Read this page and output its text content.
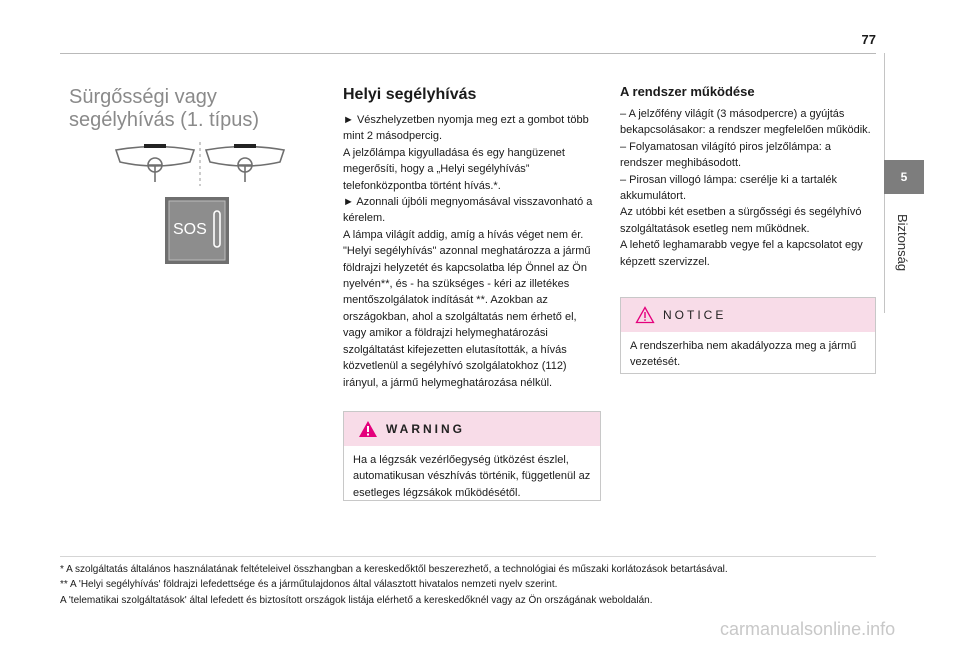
77
5
Biztonság
Sürgősségi vagy segélyhívás (1. típus)
SOS
Helyi segélyhívás

► Vészhelyzetben nyomja meg ezt a gombot több mint 2 másodpercig.

A jelzőlámpa kigyulladása és egy hangüzenet megerősíti, hogy a „Helyi segélyhívás” telefonközpontba történt hívás.*.

► Azonnali újbóli megnyomásával visszavonható a kérelem.

A lámpa világít addig, amíg a hívás véget nem ér.

"Helyi segélyhívás" azonnal meghatározza a jármű földrajzi helyzetét és kapcsolatba lép Önnel az Ön nyelvén**, és - ha szükséges - kéri az illetékes mentőszolgálatok indítását **. Azokban az országokban, ahol a szolgáltatás nem érhető el, vagy amikor a földrajzi helymeghatározási szolgáltatást kifejezetten elutasították, a hívás közvetlenül a segélyhívó szolgálatokhoz (112) irányul, a jármű helymeghatározása nélkül.

WARNING
Ha a légzsák vezérlőegység ütközést észlel, automatikusan vészhívás történik, függetlenül az esetleges légzsákok működésétől.
A rendszer működése

– A jelzőfény világít (3 másodpercre) a gyújtás bekapcsolásakor: a rendszer megfelelően működik.

– Folyamatosan világító piros jelzőlámpa: a rendszer meghibásodott.

– Pirosan villogó lámpa: cserélje ki a tartalék akkumulátort.

Az utóbbi két esetben a sürgősségi és segélyhívó szolgáltatások esetleg nem működnek.

A lehető leghamarabb vegye fel a kapcsolatot egy képzett szervizzel.

NOTICE
A rendszerhiba nem akadályozza meg a jármű vezetését.

* A szolgáltatás általános használatának feltételeivel összhangban a kereskedőktől beszerezhető, a technológiai és műszaki korlátozások betartásával.

** A 'Helyi segélyhívás' földrajzi lefedettsége és a járműtulajdonos által választott hivatalos nemzeti nyelv szerint.

A 'telematikai szolgáltatások' által lefedett és biztosított országok listája elérhető a kereskedőknél vagy az Ön országának weboldalán.

carmanualsonline.info
